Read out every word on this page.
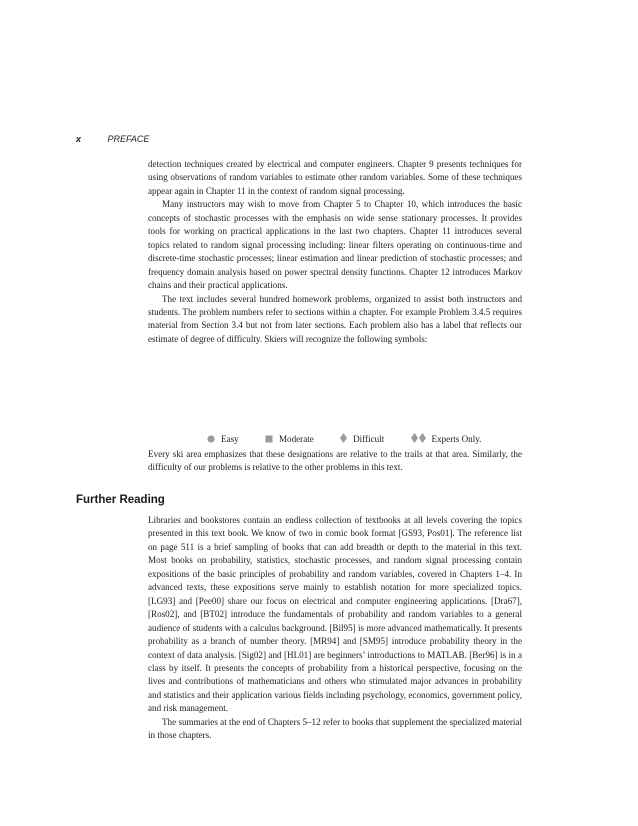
x	PREFACE

detection techniques created by electrical and computer engineers. Chapter 9 presents techniques for using observations of random variables to estimate other random variables. Some of these techniques appear again in Chapter 11 in the context of random signal processing.

Many instructors may wish to move from Chapter 5 to Chapter 10, which introduces the basic concepts of stochastic processes with the emphasis on wide sense stationary processes. It provides tools for working on practical applications in the last two chapters. Chapter 11 introduces several topics related to random signal processing including: linear filters operating on continuous-time and discrete-time stochastic processes; linear estimation and linear prediction of stochastic processes; and frequency domain analysis based on power spectral density functions. Chapter 12 introduces Markov chains and their practical applications.

The text includes several hundred homework problems, organized to assist both instructors and students. The problem numbers refer to sections within a chapter. For example Problem 3.4.5 requires material from Section 3.4 but not from later sections. Each problem also has a label that reflects our estimate of degree of difficulty. Skiers will recognize the following symbols:

Easy	Moderate	Difficult	Experts Only.

Every ski area emphasizes that these designations are relative to the trails at that area. Similarly, the difficulty of our problems is relative to the other problems in this text.

Further Reading

Libraries and bookstores contain an endless collection of textbooks at all levels covering the topics presented in this text book. We know of two in comic book format [GS93, Pos01]. The reference list on page 511 is a brief sampling of books that can add breadth or depth to the material in this text. Most books on probability, statistics, stochastic processes, and random signal processing contain expositions of the basic principles of probability and random variables, covered in Chapters 1–4. In advanced texts, these expositions serve mainly to establish notation for more specialized topics. [LG93] and [Pee00] share our focus on electrical and computer engineering applications. [Dra67], [Ros02], and [BT02] introduce the fundamentals of probability and random variables to a general audience of students with a calculus background. [Bil95] is more advanced mathematically. It presents probability as a branch of number theory. [MR94] and [SM95] introduce probability theory in the context of data analysis. [Sig02] and [HL01] are beginners’ introductions to MATLAB. [Ber96] is in a class by itself. It presents the concepts of probability from a historical perspective, focusing on the lives and contributions of mathematicians and others who stimulated major advances in probability and statistics and their application various fields including psychology, economics, government policy, and risk management.

The summaries at the end of Chapters 5–12 refer to books that supplement the specialized material in those chapters.
